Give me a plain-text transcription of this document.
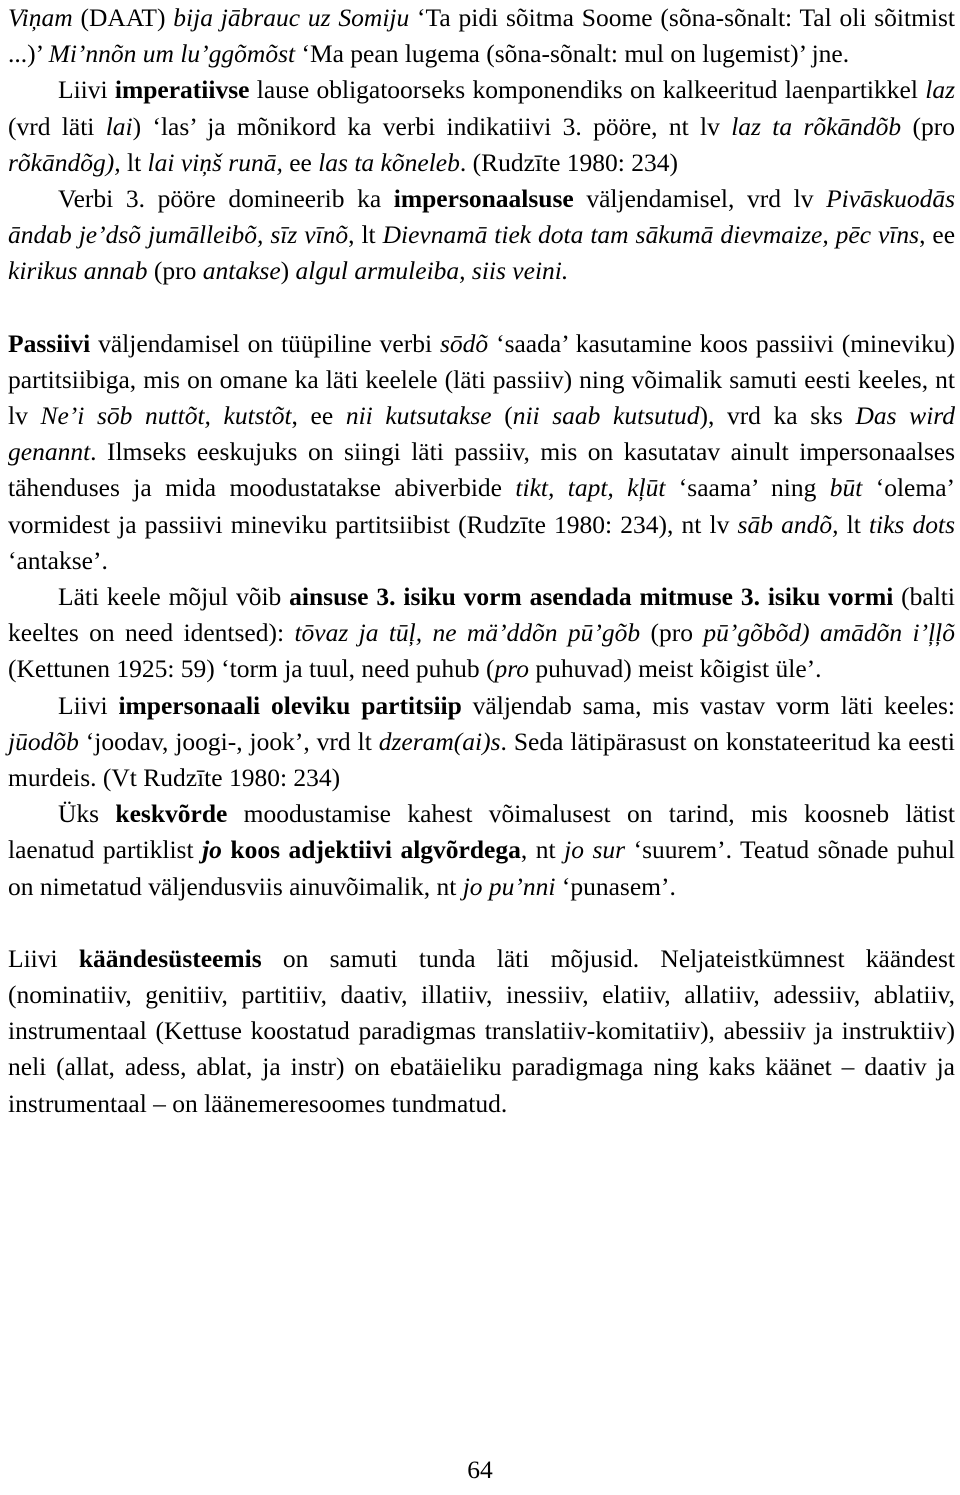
Viņam (DAAT) bija jābrauc uz Somiju ‘Ta pidi sõitma Soome (sõna-sõnalt: Tal oli sõitmist ...)’ Mi’nnõn um lu’ggõmõst ‘Ma pean lugema (sõna-sõnalt: mul on lugemist)’ jne.

Liivi imperatiivse lause obligatoorseks komponendiks on kalkeeritud laenpartikkel laz (vrd läti lai) ‘las’ ja mõnikord ka verbi indikatiivi 3. pööre, nt lv laz ta rõkāndõb (pro rõkāndõg), lt lai viņš runā, ee las ta kõneleb. (Rudzīte 1980: 234)

Verbi 3. pööre domineerib ka impersonaalsuse väljendamisel, vrd lv Pivāskuodās āndab je’dsõ jumālleibõ, sīz vīnõ, lt Dievnamā tiek dota tam sākumā dievmaize, pēc vīns, ee kirikus annab (pro antakse) algul armuleiba, siis veini.

Passiivi väljendamisel on tüüpiline verbi sōdõ ‘saada’ kasutamine koos passiivi (mineviku) partitsiibiga, mis on omane ka läti keelele (läti passiiv) ning võimalik samuti eesti keeles, nt lv Ne’i sōb nuttõt, kutstõt, ee nii kutsutakse (nii saab kutsutud), vrd ka sks Das wird genannt. Ilmseks eeskujuks on siingi läti passiiv, mis on kasutatav ainult impersonaalses tähenduses ja mida moodustatakse abiverbide tikt, tapt, kļūt ‘saama’ ning būt ‘olema’ vormidest ja passiivi mineviku partitsiibist (Rudzīte 1980: 234), nt lv sāb andõ, lt tiks dots ‘antakse’.

Läti keele mõjul võib ainsuse 3. isiku vorm asendada mitmuse 3. isiku vormi (balti keeltes on need identsed): tōvaz ja tūļ, ne mä’ddõn pū’gõb (pro pū’gõbõd) amādõn i’ļļõ (Kettunen 1925: 59) ‘torm ja tuul, need puhub (pro puhuvad) meist kõigist üle’.

Liivi impersonaali oleviku partitsiip väljendab sama, mis vastav vorm läti keeles: jūodõb ‘joodav, joogi-, jook’, vrd lt dzeram(ai)s. Seda lätipärasust on konstateeritud ka eesti murdeis. (Vt Rudzīte 1980: 234)

Üks keskvõrde moodustamise kahest võimalusest on tarind, mis koosneb lätist laenatud partiklist jo koos adjektiivi algvõrdega, nt jo sur ‘suurem’. Teatud sõnade puhul on nimetatud väljendusviis ainuvõimalik, nt jo pu’nni ‘punasem’.

Liivi käändesüsteemis on samuti tunda läti mõjusid. Neljateistkümnest käändest (nominatiiv, genitiiv, partitiiv, daativ, illatiiv, inessiiv, elatiiv, allatiiv, adessiiv, ablatiiv, instrumentaal (Kettuse koostatud paradigmas translatiiv-komitatiiv), abessiiv ja instruktiiv) neli (allat, adess, ablat, ja instr) on ebatäieliku paradigmaga ning kaks käänet – daativ ja instrumentaal – on läänemeresoomes tundmatud.

64
